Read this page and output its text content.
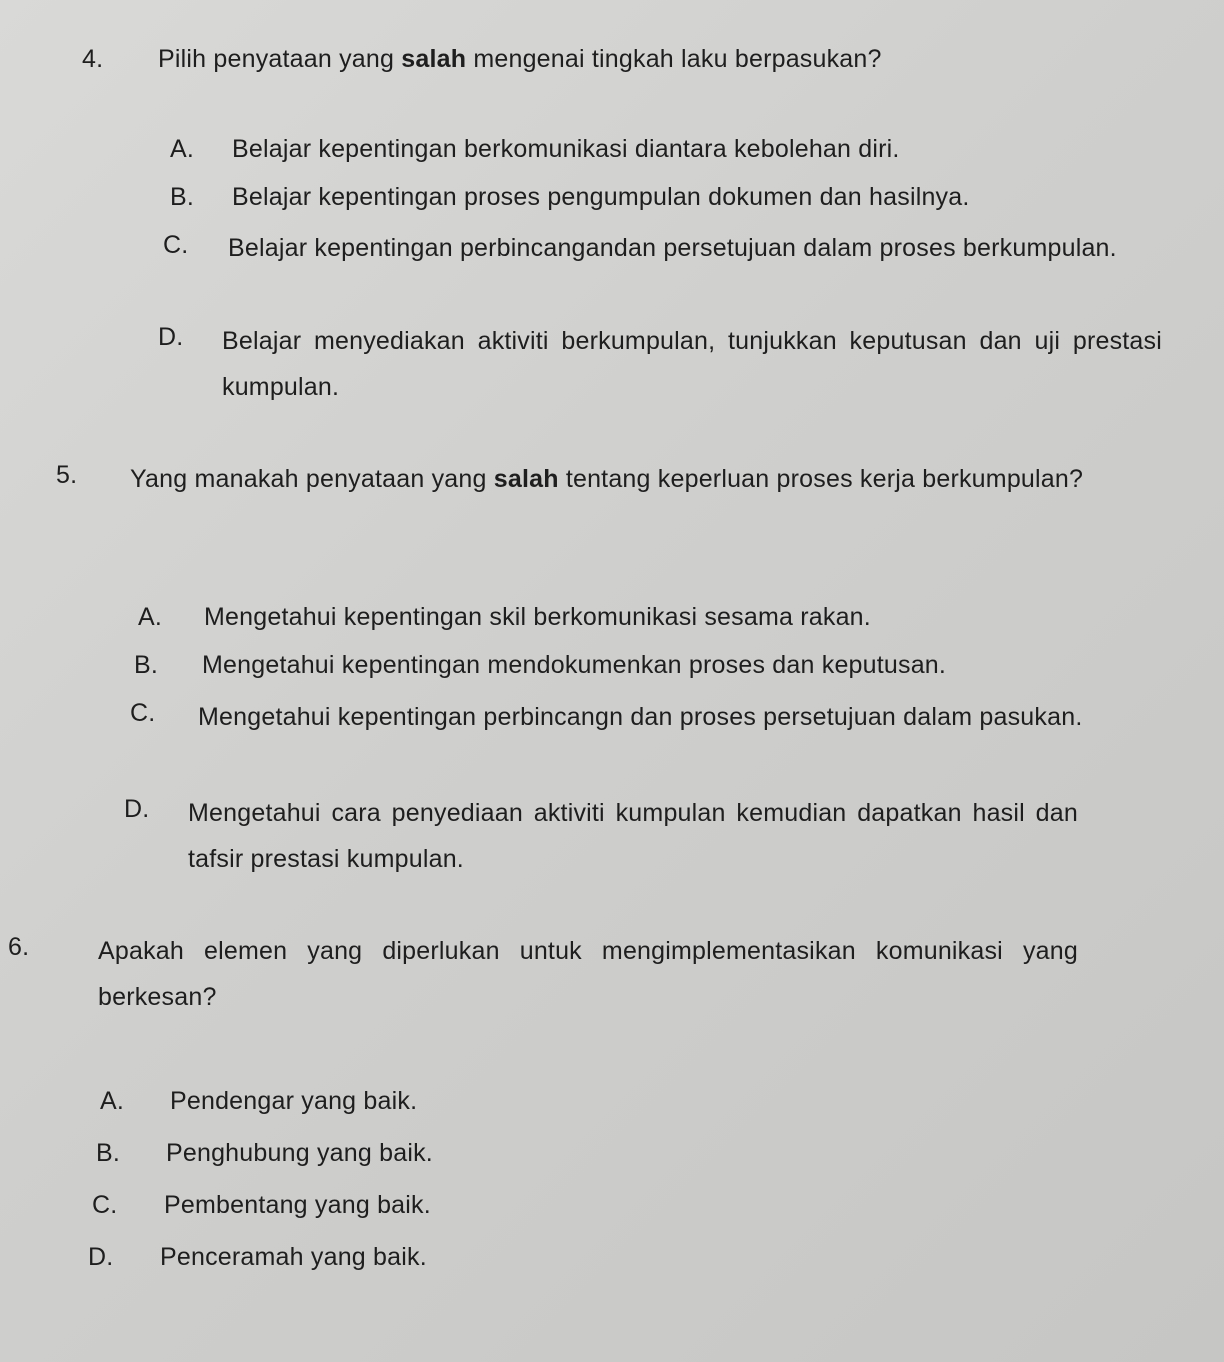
4. Pilih penyataan yang salah mengenai tingkah laku berpasukan?
A.	Belajar kepentingan berkomunikasi diantara kebolehan diri.
B.	Belajar kepentingan proses pengumpulan dokumen dan hasilnya.
C.	Belajar kepentingan perbincangandan persetujuan dalam proses berkumpulan.
D.	Belajar menyediakan aktiviti berkumpulan, tunjukkan keputusan dan uji prestasi kumpulan.
5. Yang manakah penyataan yang salah tentang keperluan proses kerja berkumpulan?
A.	Mengetahui kepentingan skil berkomunikasi sesama rakan.
B.	Mengetahui kepentingan mendokumenkan proses dan keputusan.
C.	Mengetahui kepentingan perbincangn dan proses persetujuan dalam pasukan.
D.	Mengetahui cara penyediaan aktiviti kumpulan kemudian dapatkan hasil dan tafsir prestasi kumpulan.
6.	Apakah elemen yang diperlukan untuk mengimplementasikan komunikasi yang berkesan?
A.	Pendengar yang baik.
B.	Penghubung yang baik.
C.	Pembentang yang baik.
D.	Penceramah yang baik.
